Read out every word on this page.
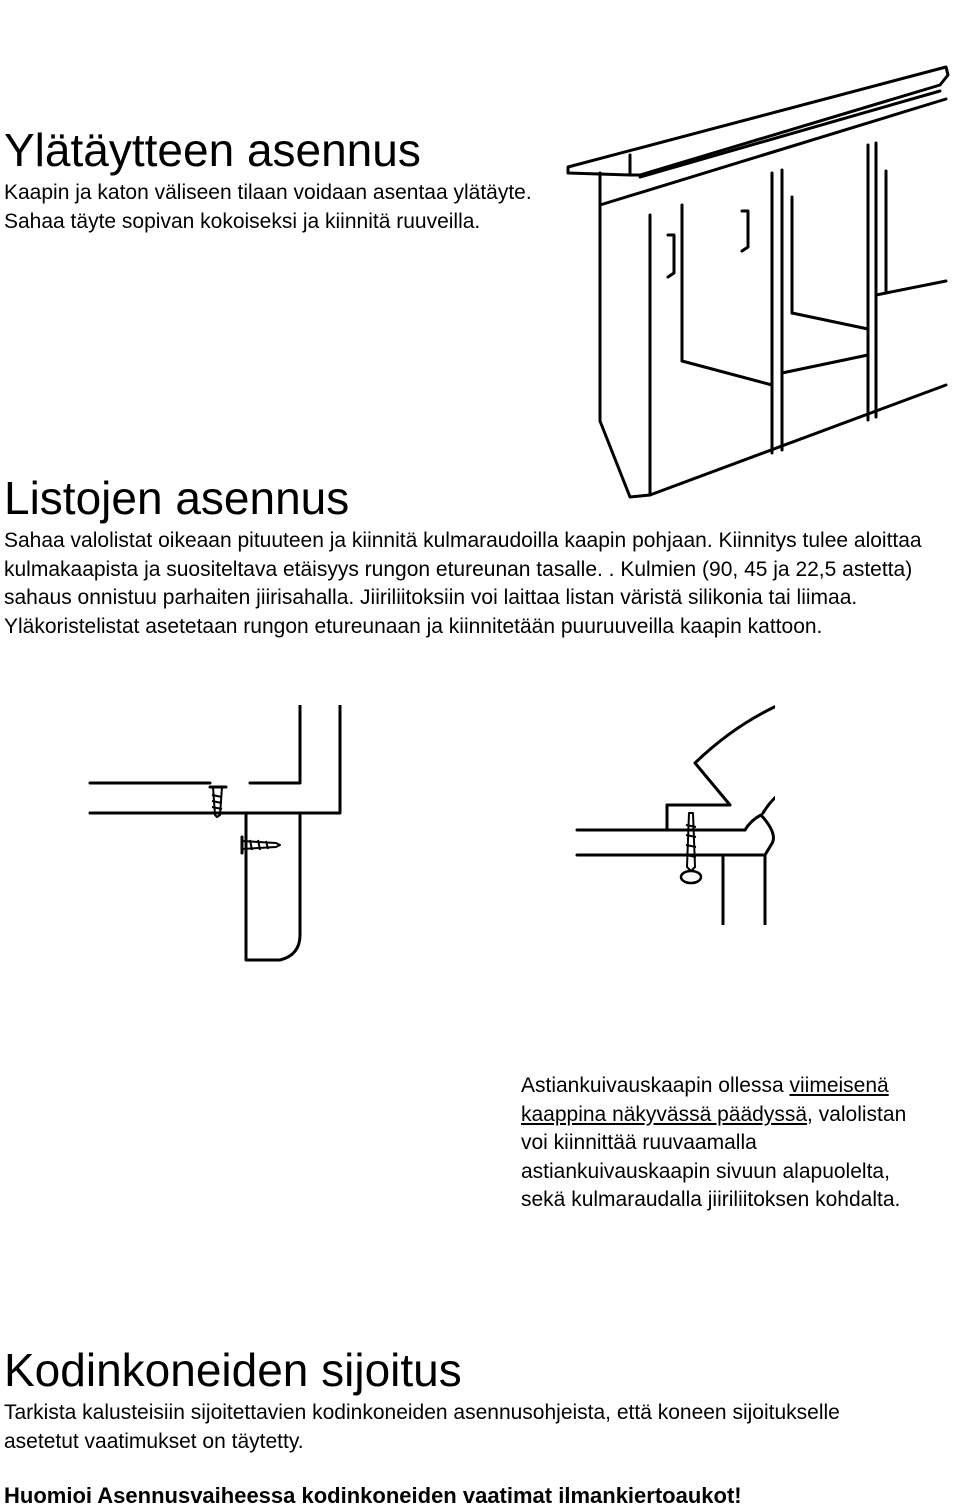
Ylätäytteen asennus

Kaapin ja katon väliseen tilaan voidaan asentaa ylätäyte. Sahaa täyte sopivan kokoiseksi ja kiinnitä ruuveilla.

Listojen asennus

Sahaa valolistat oikeaan pituuteen ja kiinnitä kulmaraudoilla kaapin pohjaan. Kiinnitys tulee aloittaa kulmakaapista ja suositeltava etäisyys rungon etureunan tasalle. . Kulmien (90, 45 ja 22,5 astetta) sahaus onnistuu parhaiten jiirisahalla. Jiiriliitoksiin voi laittaa listan väristä silikonia tai liimaa. Yläkoristelistat asetetaan rungon etureunaan ja kiinnitetään puuruuveilla kaapin kattoon.

Astiankuivauskaapin ollessa viimeisenä kaappina näkyvässä päädyssä, valolistan voi kiinnittää ruuvaamalla astiankuivauskaapin sivuun alapuolelta, sekä kulmaraudalla jiiriliitoksen kohdalta.

Kodinkoneiden sijoitus

Tarkista kalusteisiin sijoitettavien kodinkoneiden asennusohjeista, että koneen sijoitukselle asetetut vaatimukset on täytetty.

Huomioi Asennusvaiheessa kodinkoneiden vaatimat ilmankiertoaukot!
